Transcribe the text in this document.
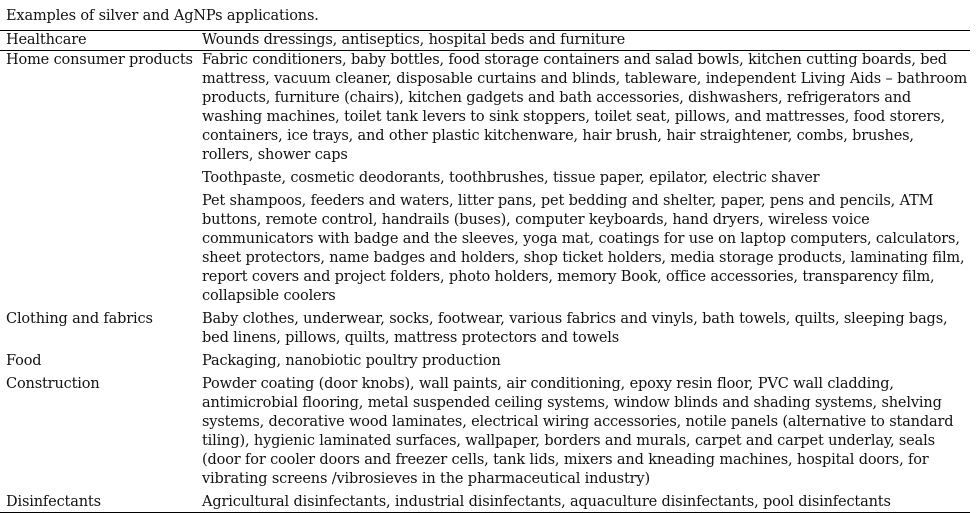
Examples of silver and AgNPs applications.
Healthcare	Wounds dressings, antiseptics, hospital beds and furniture
Home consumer products	Fabric conditioners, baby bottles, food storage containers and salad bowls, kitchen cutting boards, bed mattress, vacuum cleaner, disposable curtains and blinds, tableware, independent Living Aids – bathroom products, furniture (chairs), kitchen gadgets and bath accessories, dishwashers, refrigerators and washing machines, toilet tank levers to sink stoppers, toilet seat, pillows, and mattresses, food storers, containers, ice trays, and other plastic kitchenware, hair brush, hair straightener, combs, brushes, rollers, shower caps

Toothpaste, cosmetic deodorants, toothbrushes, tissue paper, epilator, electric shaver

Pet shampoos, feeders and waters, litter pans, pet bedding and shelter, paper, pens and pencils, ATM buttons, remote control, handrails (buses), computer keyboards, hand dryers, wireless voice communicators with badge and the sleeves, yoga mat, coatings for use on laptop computers, calculators, sheet protectors, name badges and holders, shop ticket holders, media storage products, laminating film, report covers and project folders, photo holders, memory Book, office accessories, transparency film, collapsible coolers

Clothing and fabrics	Baby clothes, underwear, socks, footwear, various fabrics and vinyls, bath towels, quilts, sleeping bags, bed linens, pillows, quilts, mattress protectors and towels

Food	Packaging, nanobiotic poultry production

Construction	Powder coating (door knobs), wall paints, air conditioning, epoxy resin floor, PVC wall cladding, antimicrobial flooring, metal suspended ceiling systems, window blinds and shading systems, shelving systems, decorative wood laminates, electrical wiring accessories, notile panels (alternative to standard tiling), hygienic laminated surfaces, wallpaper, borders and murals, carpet and carpet underlay, seals (door for cooler doors and freezer cells, tank lids, mixers and kneading machines, hospital doors, for vibrating screens /vibrosieves in the pharmaceutical industry)

Disinfectants	Agricultural disinfectants, industrial disinfectants, aquaculture disinfectants, pool disinfectants
